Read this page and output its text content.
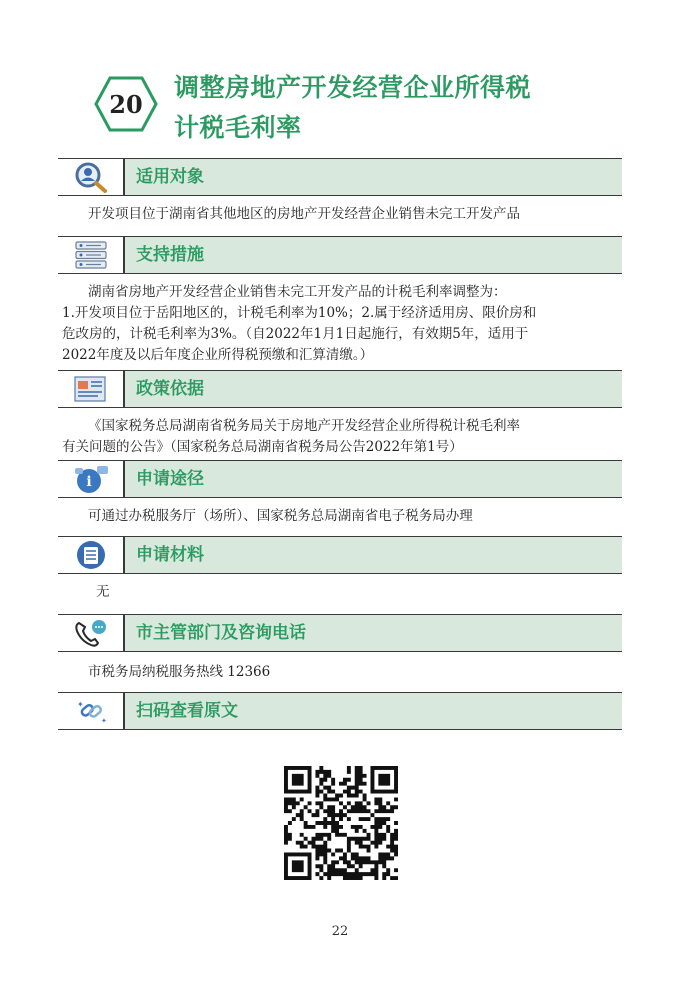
20
调整房地产开发经营企业所得税
计税毛利率
适用对象
开发项目位于湖南省其他地区的房地产开发经营企业销售未完工开发产品
支持措施
湖南省房地产开发经营企业销售未完工开发产品的计税毛利率调整为：
1.开发项目位于岳阳地区的，计税毛利率为10%；2.属于经济适用房、限价房和
危改房的，计税毛利率为3%。（自2022年1月1日起施行，有效期5年，适用于
2022年度及以后年度企业所得税预缴和汇算清缴。）
政策依据
《国家税务总局湖南省税务局关于房地产开发经营企业所得税计税毛利率
有关问题的公告》（国家税务总局湖南省税务局公告2022年第1号）
i	申请途径
可通过办税服务厅（场所）、国家税务总局湖南省电子税务局办理
申请材料
无
市主管部门及咨询电话
市税务局纳税服务热线 12366
✦
✦ 扫码查看原文
22
